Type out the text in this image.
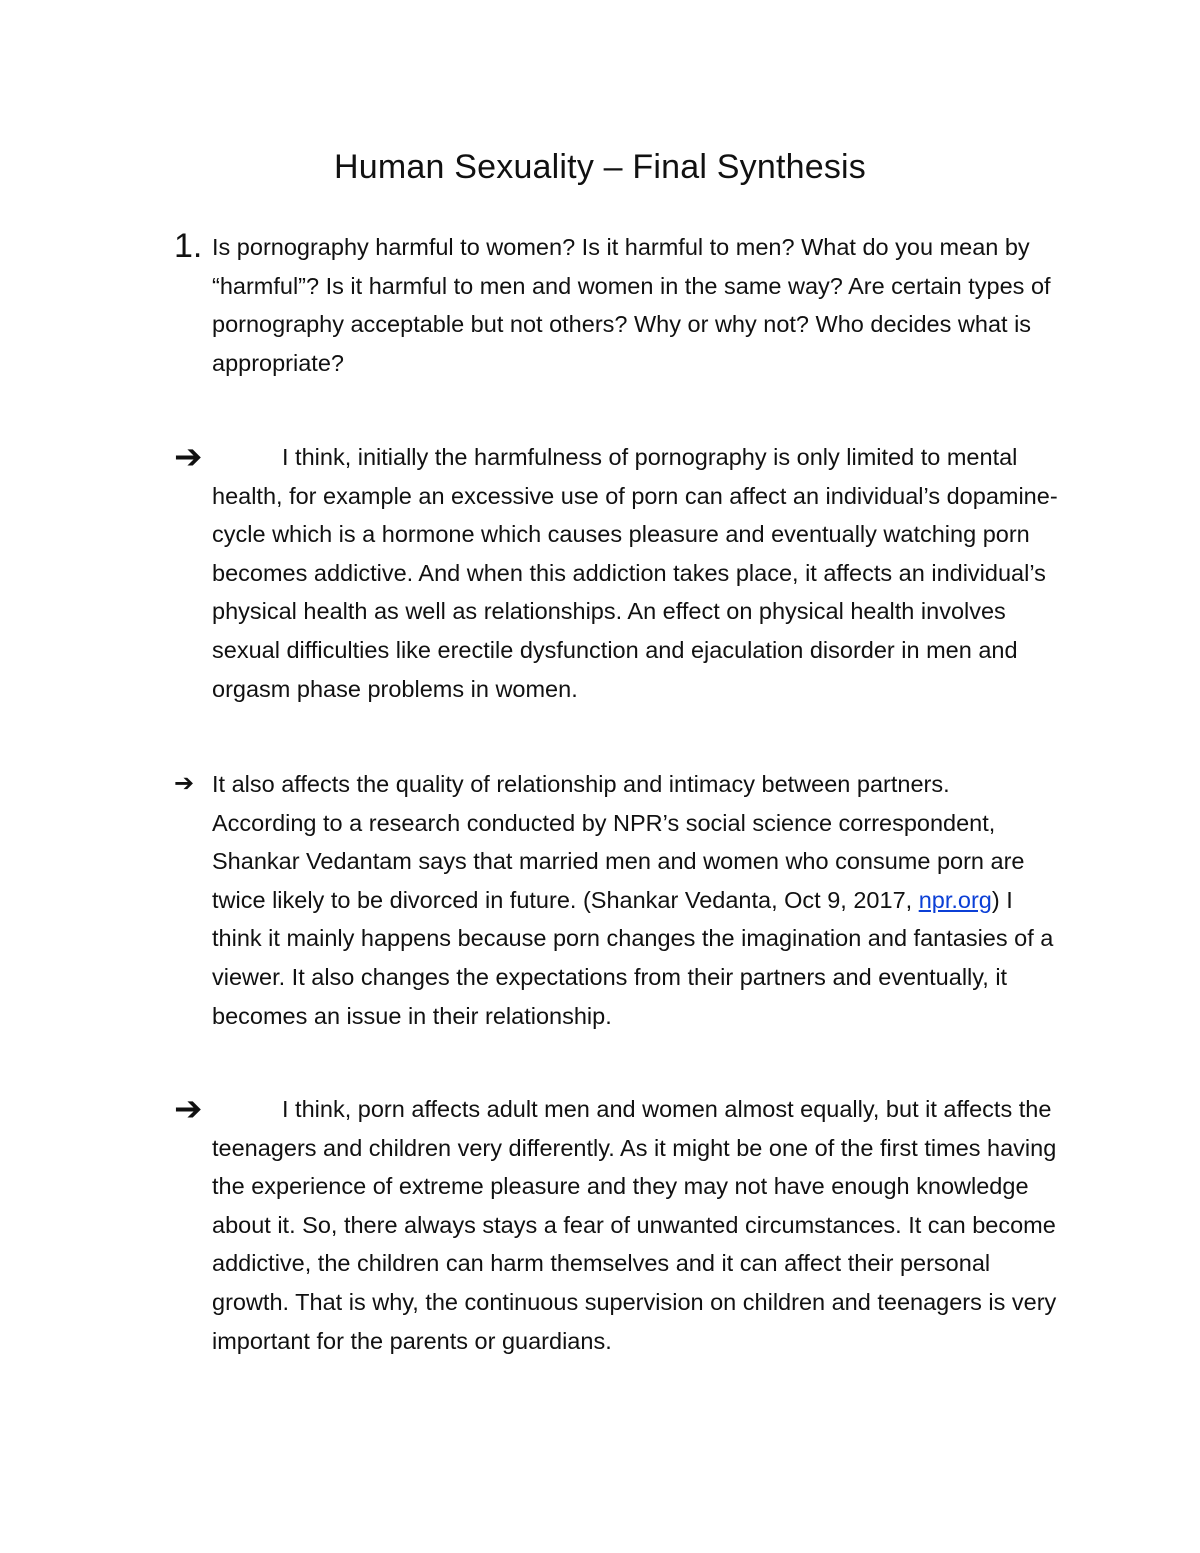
Human Sexuality – Final Synthesis
1. Is pornography harmful to women? Is it harmful to men? What do you mean by “harmful”? Is it harmful to men and women in the same way? Are certain types of pornography acceptable but not others? Why or why not? Who decides what is appropriate?

➔	I think, initially the harmfulness of pornography is only limited to mental health, for example an excessive use of porn can affect an individual’s dopamine-cycle which is a hormone which causes pleasure and eventually watching porn becomes addictive. And when this addiction takes place, it affects an individual’s physical health as well as relationships. An effect on physical health involves sexual difficulties like erectile dysfunction and ejaculation disorder in men and orgasm phase problems in women.

➔ It also affects the quality of relationship and intimacy between partners. According to a research conducted by NPR’s social science correspondent, Shankar Vedantam says that married men and women who consume porn are twice likely to be divorced in future. (Shankar Vedanta, Oct 9, 2017, npr.org) I think it mainly happens because porn changes the imagination and fantasies of a viewer. It also changes the expectations from their partners and eventually, it becomes an issue in their relationship.

➔	I think, porn affects adult men and women almost equally, but it affects the teenagers and children very differently. As it might be one of the first times having the experience of extreme pleasure and they may not have enough knowledge about it. So, there always stays a fear of unwanted circumstances. It can become addictive, the children can harm themselves and it can affect their personal growth. That is why, the continuous supervision on children and teenagers is very important for the parents or guardians.
